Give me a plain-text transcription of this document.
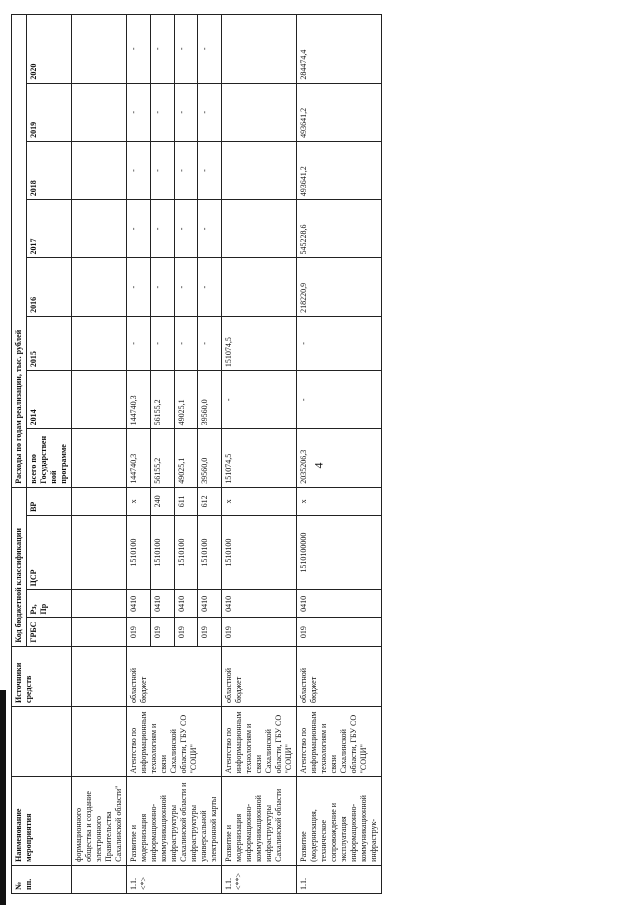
4
№ пп.	Наименование мероприятия		Источники средств	Код бюджетной классификации				Расходы по годам реализации, тыс. рублей							
				ГРБС	Рз, Пр	ЦСР	ВР	всего по Государственной программе	2014	2015	2016	2017	2018	2019	2020
	формационного общества и создание электронного Правительства Сахалинской области"														
1.1. <*>	Развитие и модернизация информационно-коммуникационной инфраструктуры Сахалинской области и инфраструктуры универсальной электронной карты	Агентство по информационным технологиям и связи Сахалинской области, ГБУ СО "СОЦИ"	областной бюджет	019	0410	1510100	x	144740,3	144740,3	-	-	-	-	-	-
				019	0410	1510100	240	56155,2	56155,2	-	-	-	-	-	-
				019	0410	1510100	611	49025,1	49025,1	-	-	-	-	-	-
				019	0410	1510100	612	39560,0	39560,0	-	-	-	-	-	-
1.1. <**>	Развитие и модернизация информационно-коммуникационной инфраструктуры Сахалинской области	Агентство по информационным технологиям и связи Сахалинской области, ГБУ СО "СОЦИ"	областной бюджет	019	0410	1510100	x	151074,5	-	151074,5					
1.1.	Развитие (модернизация, техническое сопровождение и эксплуатация информационно-коммуникационной инфраструк-	Агентство по информационным технологиям и связи Сахалинской области, ГБУ СО "СОЦИ"	областной бюджет	019	0410	1510100000	x	2035206,3	-	-	218220,9	545228,6	493641,2	493641,2	284474,4
